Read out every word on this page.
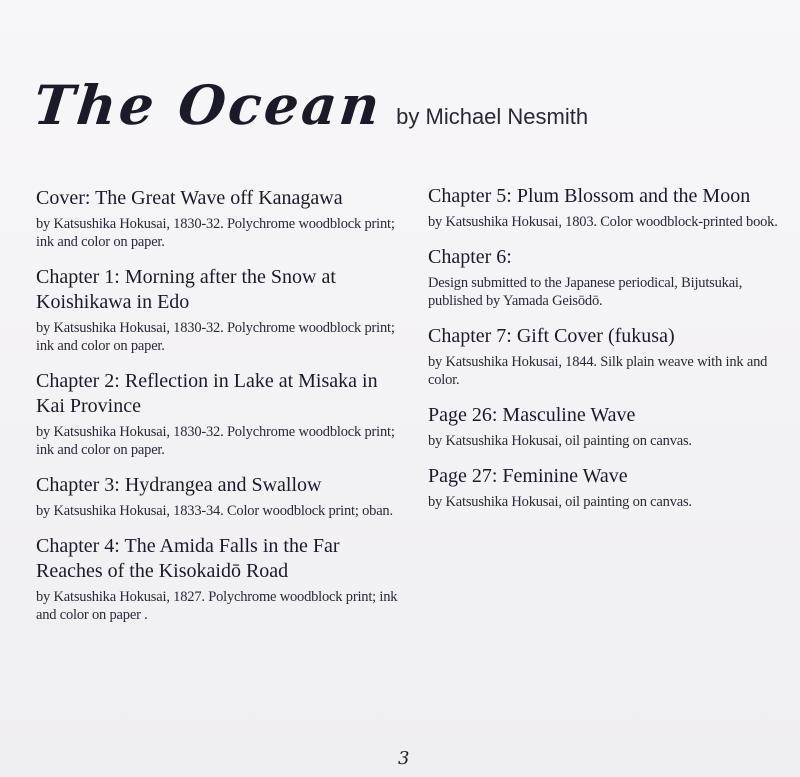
The Ocean by Michael Nesmith
Cover: The Great Wave off Kanagawa
by Katsushika Hokusai, 1830-32. Polychrome woodblock print; ink and color on paper.
Chapter 1: Morning after the Snow at Koishikawa in Edo
by Katsushika Hokusai, 1830-32. Polychrome woodblock print; ink and color on paper.
Chapter 2: Reflection in Lake at Misaka in Kai Province
by Katsushika Hokusai, 1830-32. Polychrome woodblock print; ink and color on paper.
Chapter 3: Hydrangea and Swallow
by Katsushika Hokusai, 1833-34. Color woodblock print; oban.
Chapter 4: The Amida Falls in the Far Reaches of the Kisokaidō Road
by Katsushika Hokusai, 1827. Polychrome woodblock print; ink and color on paper .
Chapter 5: Plum Blossom and the Moon
by Katsushika Hokusai, 1803. Color woodblock-printed book.
Chapter 6:
Design submitted to the Japanese periodical, Bijutsukai, published by Yamada Geisōdō.
Chapter 7: Gift Cover (fukusa)
by Katsushika Hokusai, 1844. Silk plain weave with ink and color.
Page 26: Masculine Wave
by Katsushika Hokusai, oil painting on canvas.
Page 27: Feminine Wave
by Katsushika Hokusai, oil painting on canvas.
3
